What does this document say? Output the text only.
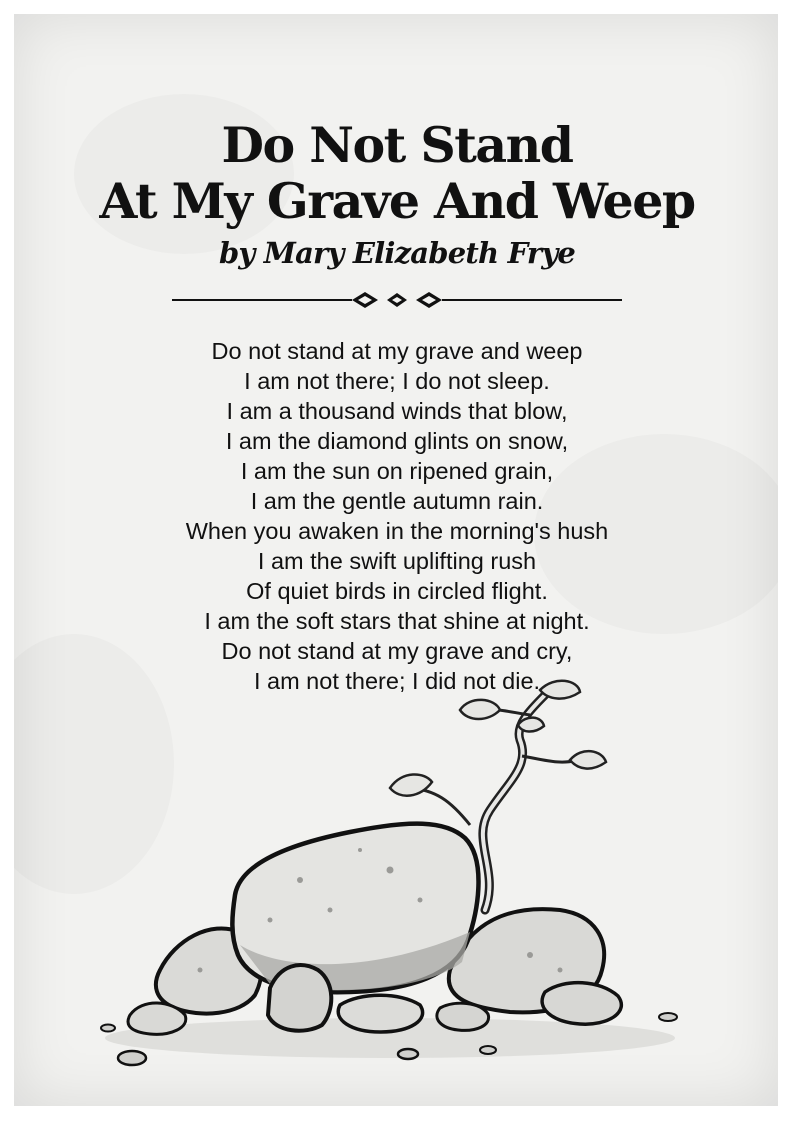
Do Not Stand
At My Grave And Weep
by Mary Elizabeth Frye
Do not stand at my grave and weep
I am not there; I do not sleep.
I am a thousand winds that blow,
I am the diamond glints on snow,
I am the sun on ripened grain,
I am the gentle autumn rain.
When you awaken in the morning's hush
I am the swift uplifting rush
Of quiet birds in circled flight.
I am the soft stars that shine at night.
Do not stand at my grave and cry,
I am not there; I did not die.
